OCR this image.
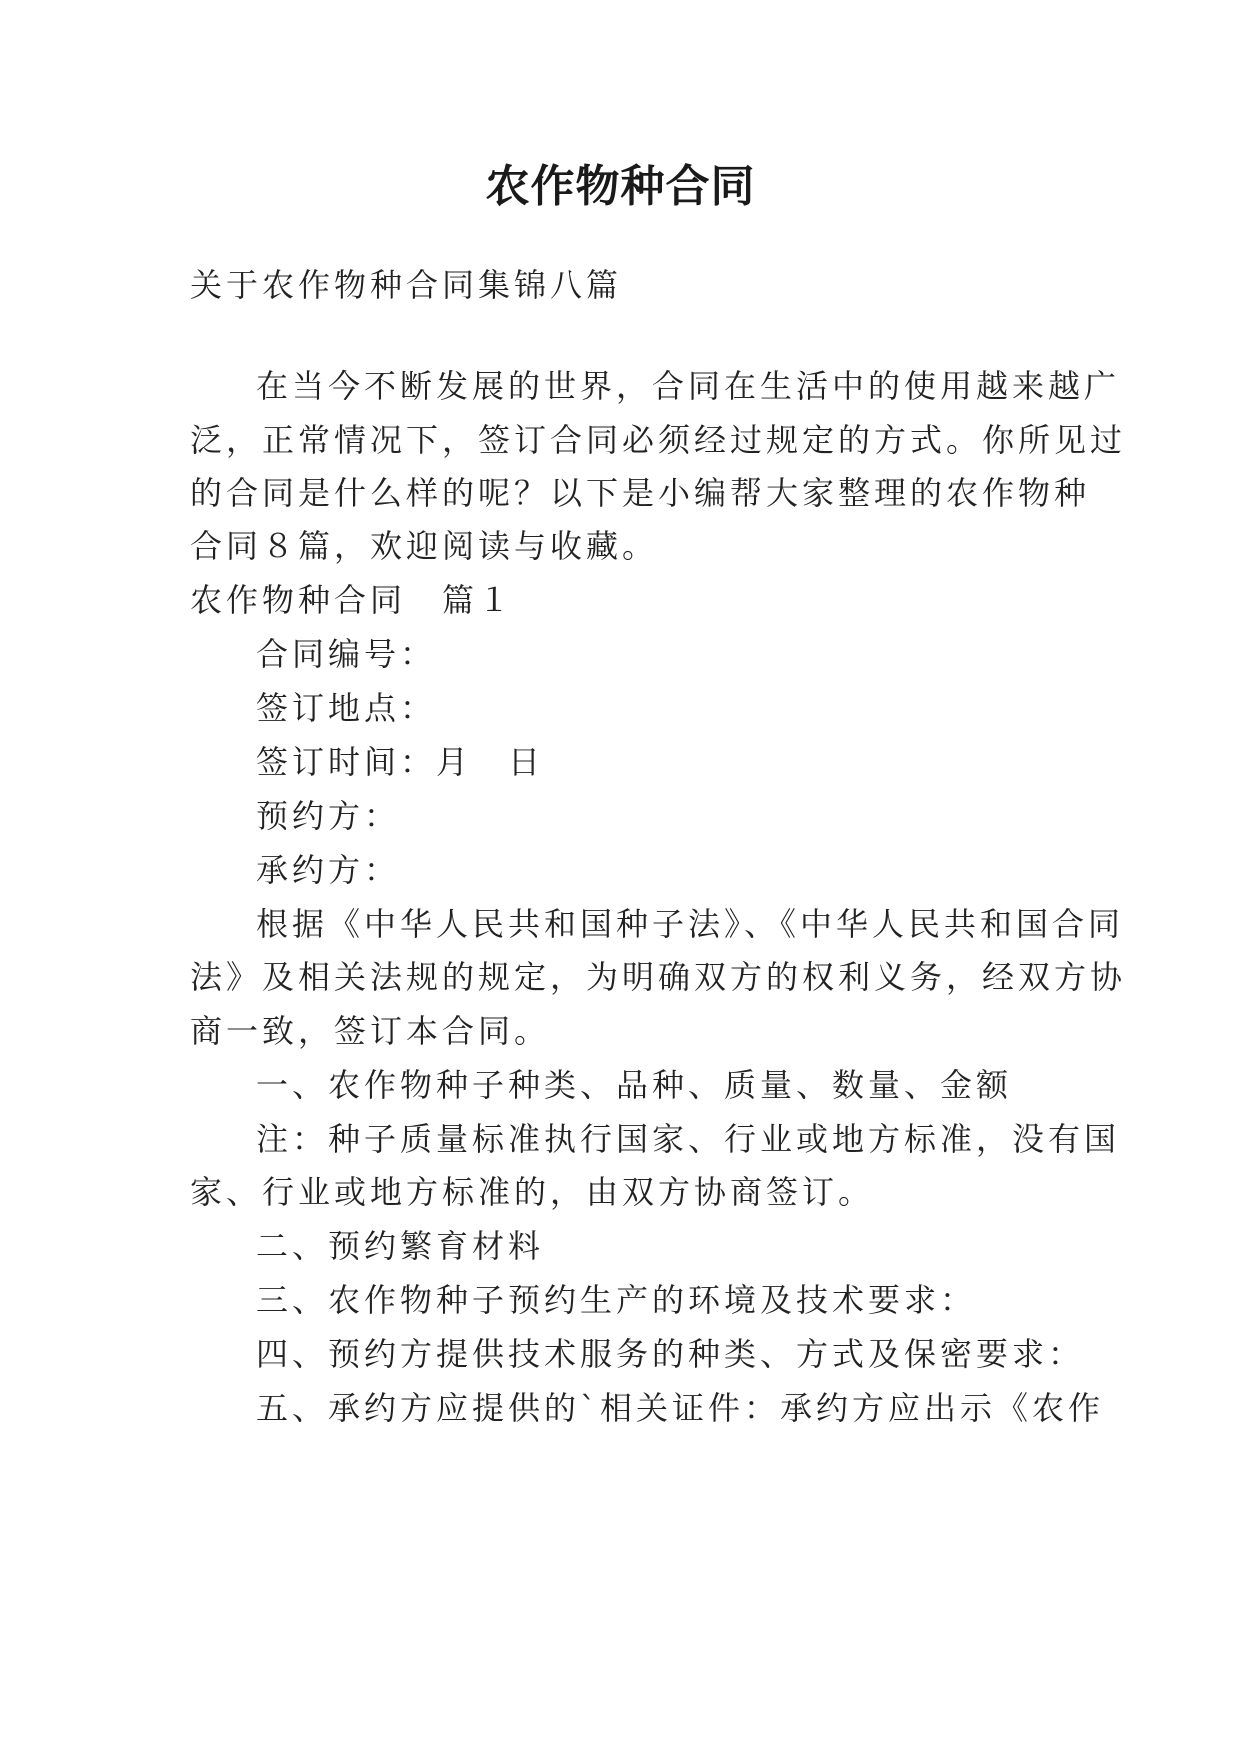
农作物种合同
关于农作物种合同集锦八篇
在当今不断发展的世界，合同在生活中的使用越来越广
泛，正常情况下，签订合同必须经过规定的方式。你所见过
的合同是什么样的呢？以下是小编帮大家整理的农作物种
合同８篇，欢迎阅读与收藏。
农作物种合同　篇１
合同编号：
签订地点：
签订时间：月　日
预约方：
承约方：
根据《中华人民共和国种子法》、《中华人民共和国合同
法》及相关法规的规定，为明确双方的权利义务，经双方协
商一致，签订本合同。
一、农作物种子种类、品种、质量、数量、金额
注：种子质量标准执行国家、行业或地方标准，没有国
家、行业或地方标准的，由双方协商签订。
二、预约繁育材料
三、农作物种子预约生产的环境及技术要求：
四、预约方提供技术服务的种类、方式及保密要求：
五、承约方应提供的`相关证件：承约方应出示《农作
